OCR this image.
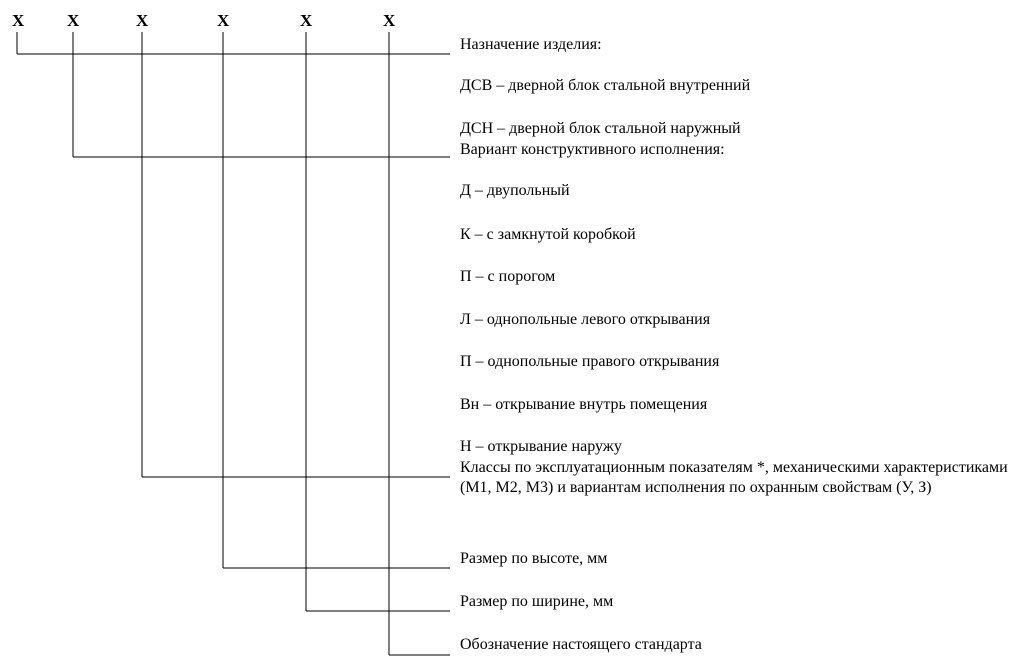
X	X	X	X	X	X
Назначение изделия:
ДСВ – дверной блок стальной внутренний
ДСН – дверной блок стальной наружный
Вариант конструктивного исполнения:
Д – двупольный
К – с замкнутой коробкой
П – с порогом
Л – однопольные левого открывания
П – однопольные правого открывания
Вн – открывание внутрь помещения
Н – открывание наружу
Классы по эксплуатационным показателям *, механическими характеристиками (М1, М2, М3) и вариантам исполнения по охранным свойствам (У, З)
Размер по высоте, мм
Размер по ширине, мм
Обозначение настоящего стандарта
